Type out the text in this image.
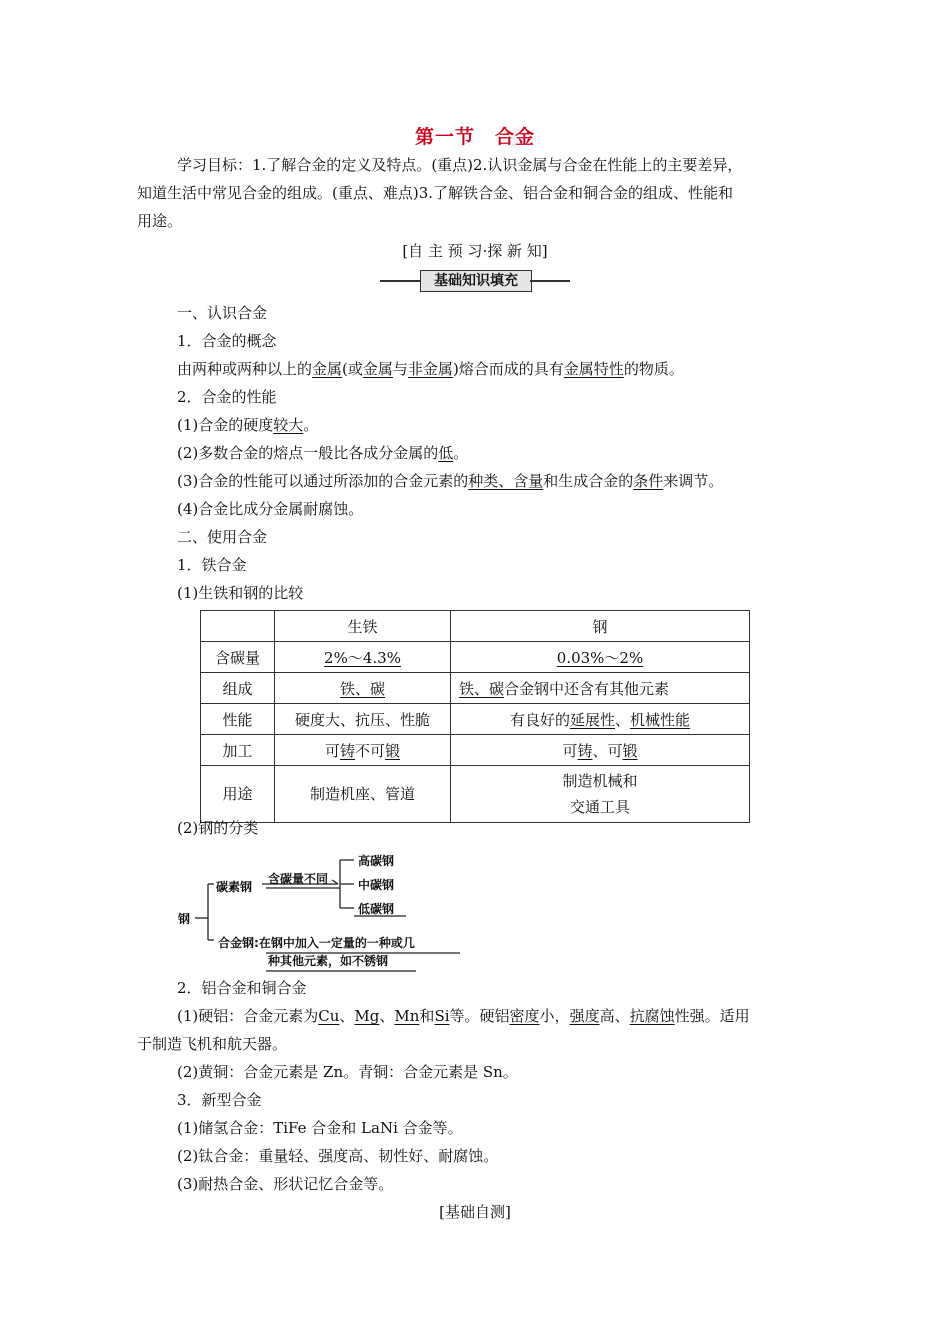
第一节　合金
学习目标：1.了解合金的定义及特点。(重点)2.认识金属与合金在性能上的主要差异，
知道生活中常见合金的组成。(重点、难点)3.了解铁合金、铝合金和铜合金的组成、性能和
用途。
[自 主 预 习·探 新 知]
基础知识填充
一、认识合金
1．合金的概念
由两种或两种以上的金属(或金属与非金属)熔合而成的具有金属特性的物质。
2．合金的性能
(1)合金的硬度较大。
(2)多数合金的熔点一般比各成分金属的低。
(3)合金的性能可以通过所添加的合金元素的种类、含量和生成合金的条件来调节。
(4)合金比成分金属耐腐蚀。
二、使用合金
1．铁合金
(1)生铁和钢的比较
	生铁	钢
含碳量	2%～4.3%	0.03%～2%
组成	铁、碳	铁、碳合金钢中还含有其他元素
性能	硬度大、抗压、性脆	有良好的延展性、机械性能
加工	可铸不可锻	可铸、可锻
用途	制造机座、管道	制造机械和
交通工具
(2)钢的分类
钢
碳素钢
含碳量不同
高碳钢
中碳钢
低碳钢
合金钢:在钢中加入一定量的一种或几
种其他元素，如不锈钢
2．铝合金和铜合金
(1)硬铝：合金元素为Cu、Mg、Mn和Si等。硬铝密度小，强度高、抗腐蚀性强。适用
于制造飞机和航天器。
(2)黄铜：合金元素是 Zn。青铜：合金元素是 Sn。
3．新型合金
(1)储氢合金：TiFe 合金和 LaNi 合金等。
(2)钛合金：重量轻、强度高、韧性好、耐腐蚀。
(3)耐热合金、形状记忆合金等。
[基础自测]
